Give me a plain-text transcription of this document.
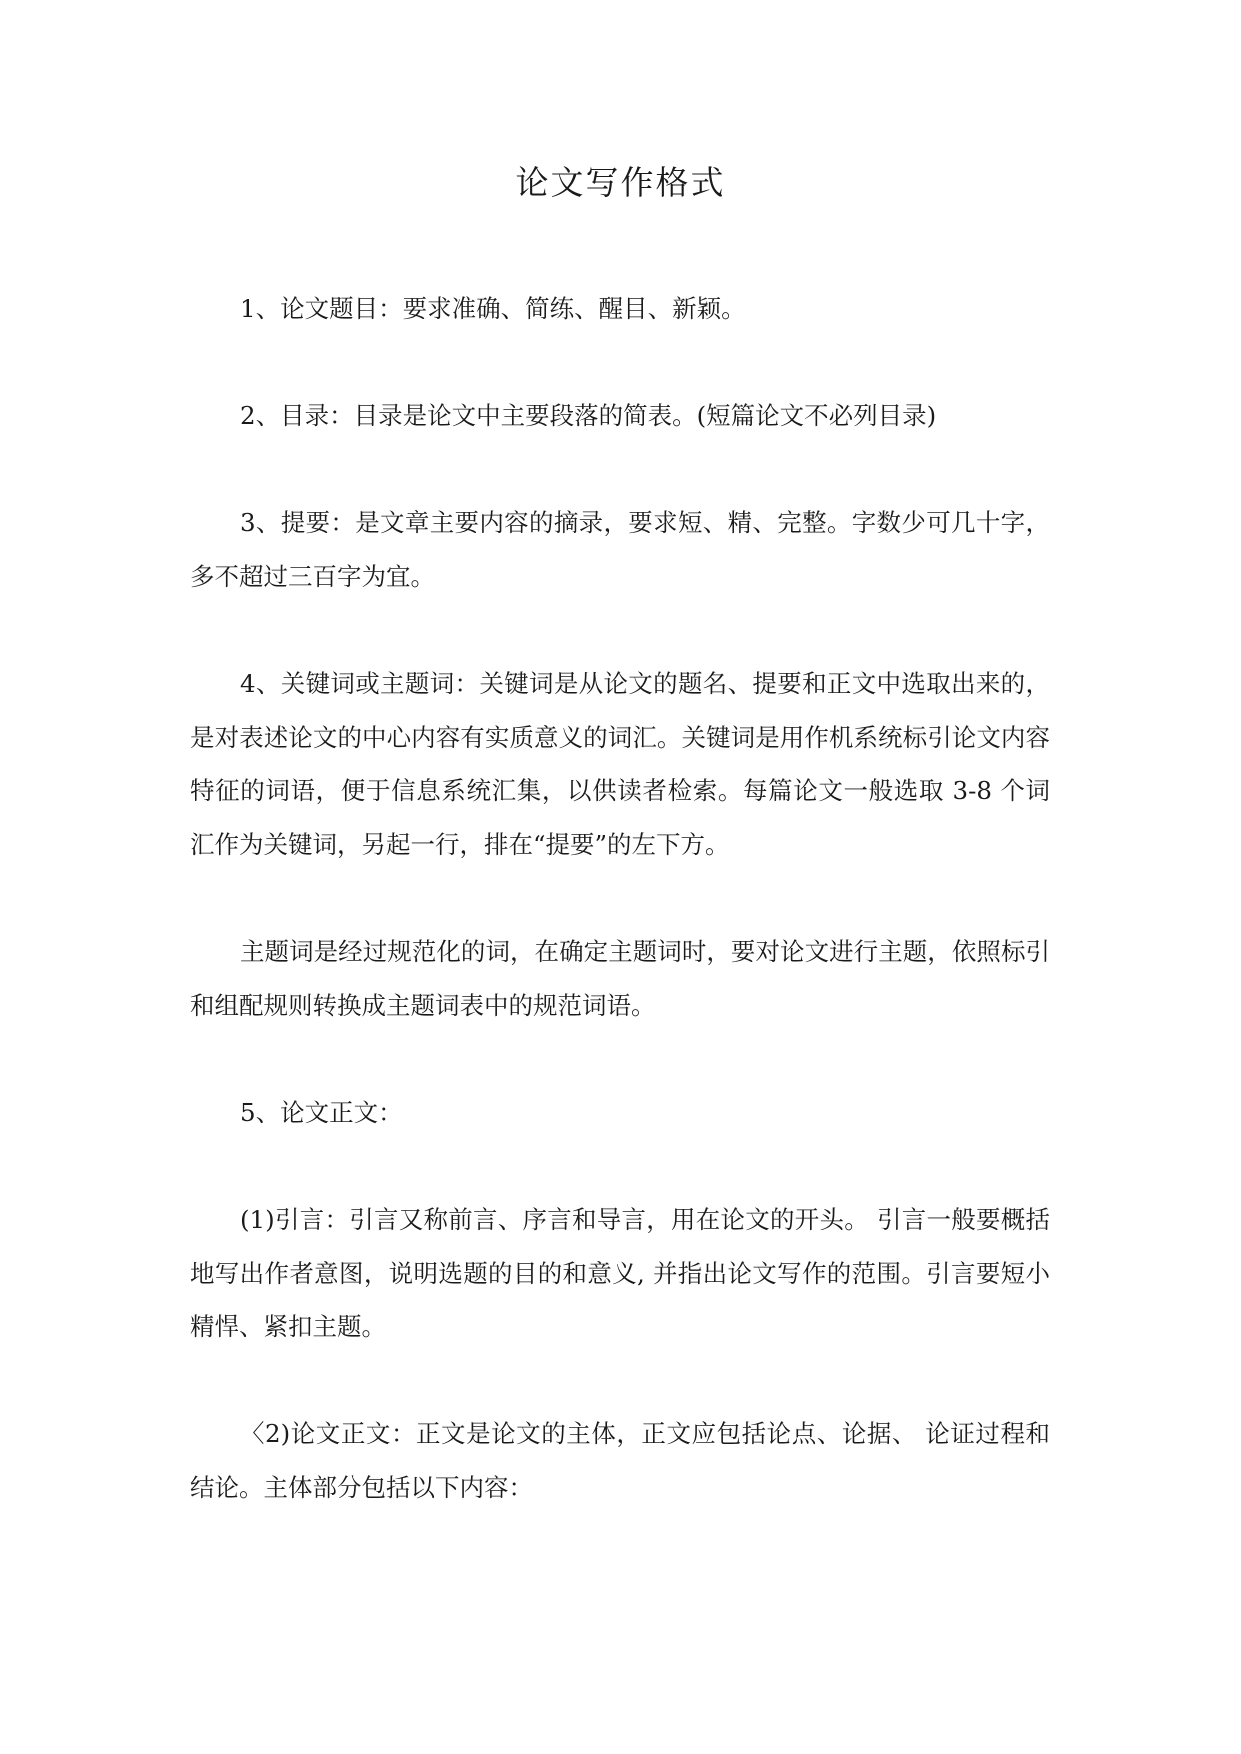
论文写作格式

1、论文题目：要求准确、简练、醒目、新颖。

2、目录：目录是论文中主要段落的简表。(短篇论文不必列目录)

3、提要：是文章主要内容的摘录，要求短、精、完整。字数少可几十字，多不超过三百字为宜。

4、关键词或主题词：关键词是从论文的题名、提要和正文中选取出来的，是对表述论文的中心内容有实质意义的词汇。关键词是用作机系统标引论文内容特征的词语，便于信息系统汇集，以供读者检索。每篇论文一般选取 3-8 个词汇作为关键词，另起一行，排在“提要”的左下方。

主题词是经过规范化的词，在确定主题词时，要对论文进行主题，依照标引和组配规则转换成主题词表中的规范词语。

5、论文正文：

(1)引言：引言又称前言、序言和导言，用在论文的开头。 引言一般要概括地写出作者意图，说明选题的目的和意义, 并指出论文写作的范围。引言要短小精悍、紧扣主题。

〈2)论文正文：正文是论文的主体，正文应包括论点、论据、 论证过程和结论。主体部分包括以下内容：
